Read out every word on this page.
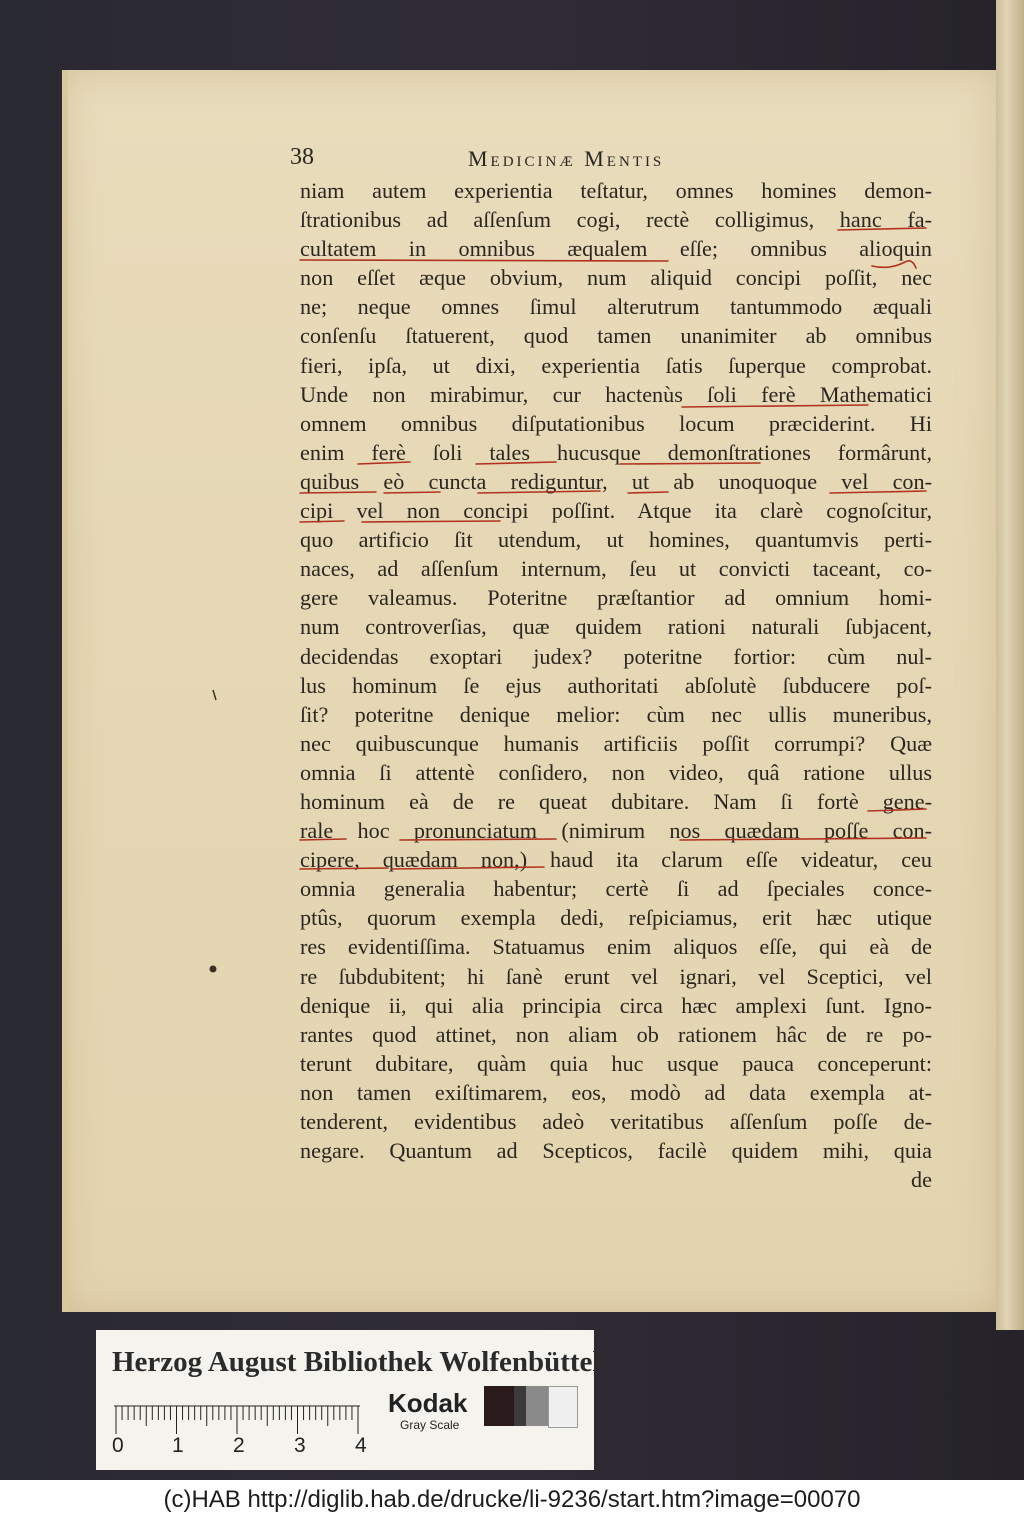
38	Medicinæ Mentis
niam autem experientia teſtatur, omnes homines demon-
ſtrationibus ad aſſenſum cogi, rectè colligimus, hanc fa-
cultatem in omnibus æqualem eſſe; omnibus alioquin
non eſſet æque obvium, num aliquid concipi poſſit, nec
ne; neque omnes ſimul alterutrum tantummodo æquali
conſenſu ſtatuerent, quod tamen unanimiter ab omnibus
fieri, ipſa, ut dixi, experientia ſatis ſuperque comprobat.
Unde non mirabimur, cur hactenùs ſoli ferè Mathematici
omnem omnibus diſputationibus locum præciderint. Hi
enim ferè ſoli tales hucusque demonſtrationes formârunt,
quibus eò cuncta rediguntur, ut ab unoquoque vel con-
cipi vel non concipi poſſint. Atque ita clarè cognoſcitur,
quo artificio ſit utendum, ut homines, quantumvis perti-
naces, ad aſſenſum internum, ſeu ut convicti taceant, co-
gere valeamus. Poteritne præſtantior ad omnium homi-
num controverſias, quæ quidem rationi naturali ſubjacent,
decidendas exoptari judex? poteritne fortior: cùm nul-
lus hominum ſe ejus authoritati abſolutè ſubducere poſ-
ſit? poteritne denique melior: cùm nec ullis muneribus,
nec quibuscunque humanis artificiis poſſit corrumpi? Quæ
omnia ſi attentè conſidero, non video, quâ ratione ullus
hominum eà de re queat dubitare. Nam ſi fortè gene-
rale hoc pronunciatum (nimirum nos quædam poſſe con-
cipere, quædam non,) haud ita clarum eſſe videatur, ceu
omnia generalia habentur; certè ſi ad ſpeciales conce-
ptûs, quorum exempla dedi, reſpiciamus, erit hæc utique
res evidentiſſima. Statuamus enim aliquos eſſe, qui eà de
re ſubdubitent; hi ſanè erunt vel ignari, vel Sceptici, vel
denique ii, qui alia principia circa hæc amplexi ſunt. Igno-
rantes quod attinet, non aliam ob rationem hâc de re po-
terunt dubitare, quàm quia huc usque pauca conceperunt:
non tamen exiſtimarem, eos, modò ad data exempla at-
tenderent, evidentibus adeò veritatibus aſſenſum poſſe de-
negare. Quantum ad Scepticos, facilè quidem mihi, quia
de
Herzog August Bibliothek Wolfenbüttel
0 1 2 3 4
Kodak
Gray Scale
(c)HAB http://diglib.hab.de/drucke/li-9236/start.htm?image=00070
